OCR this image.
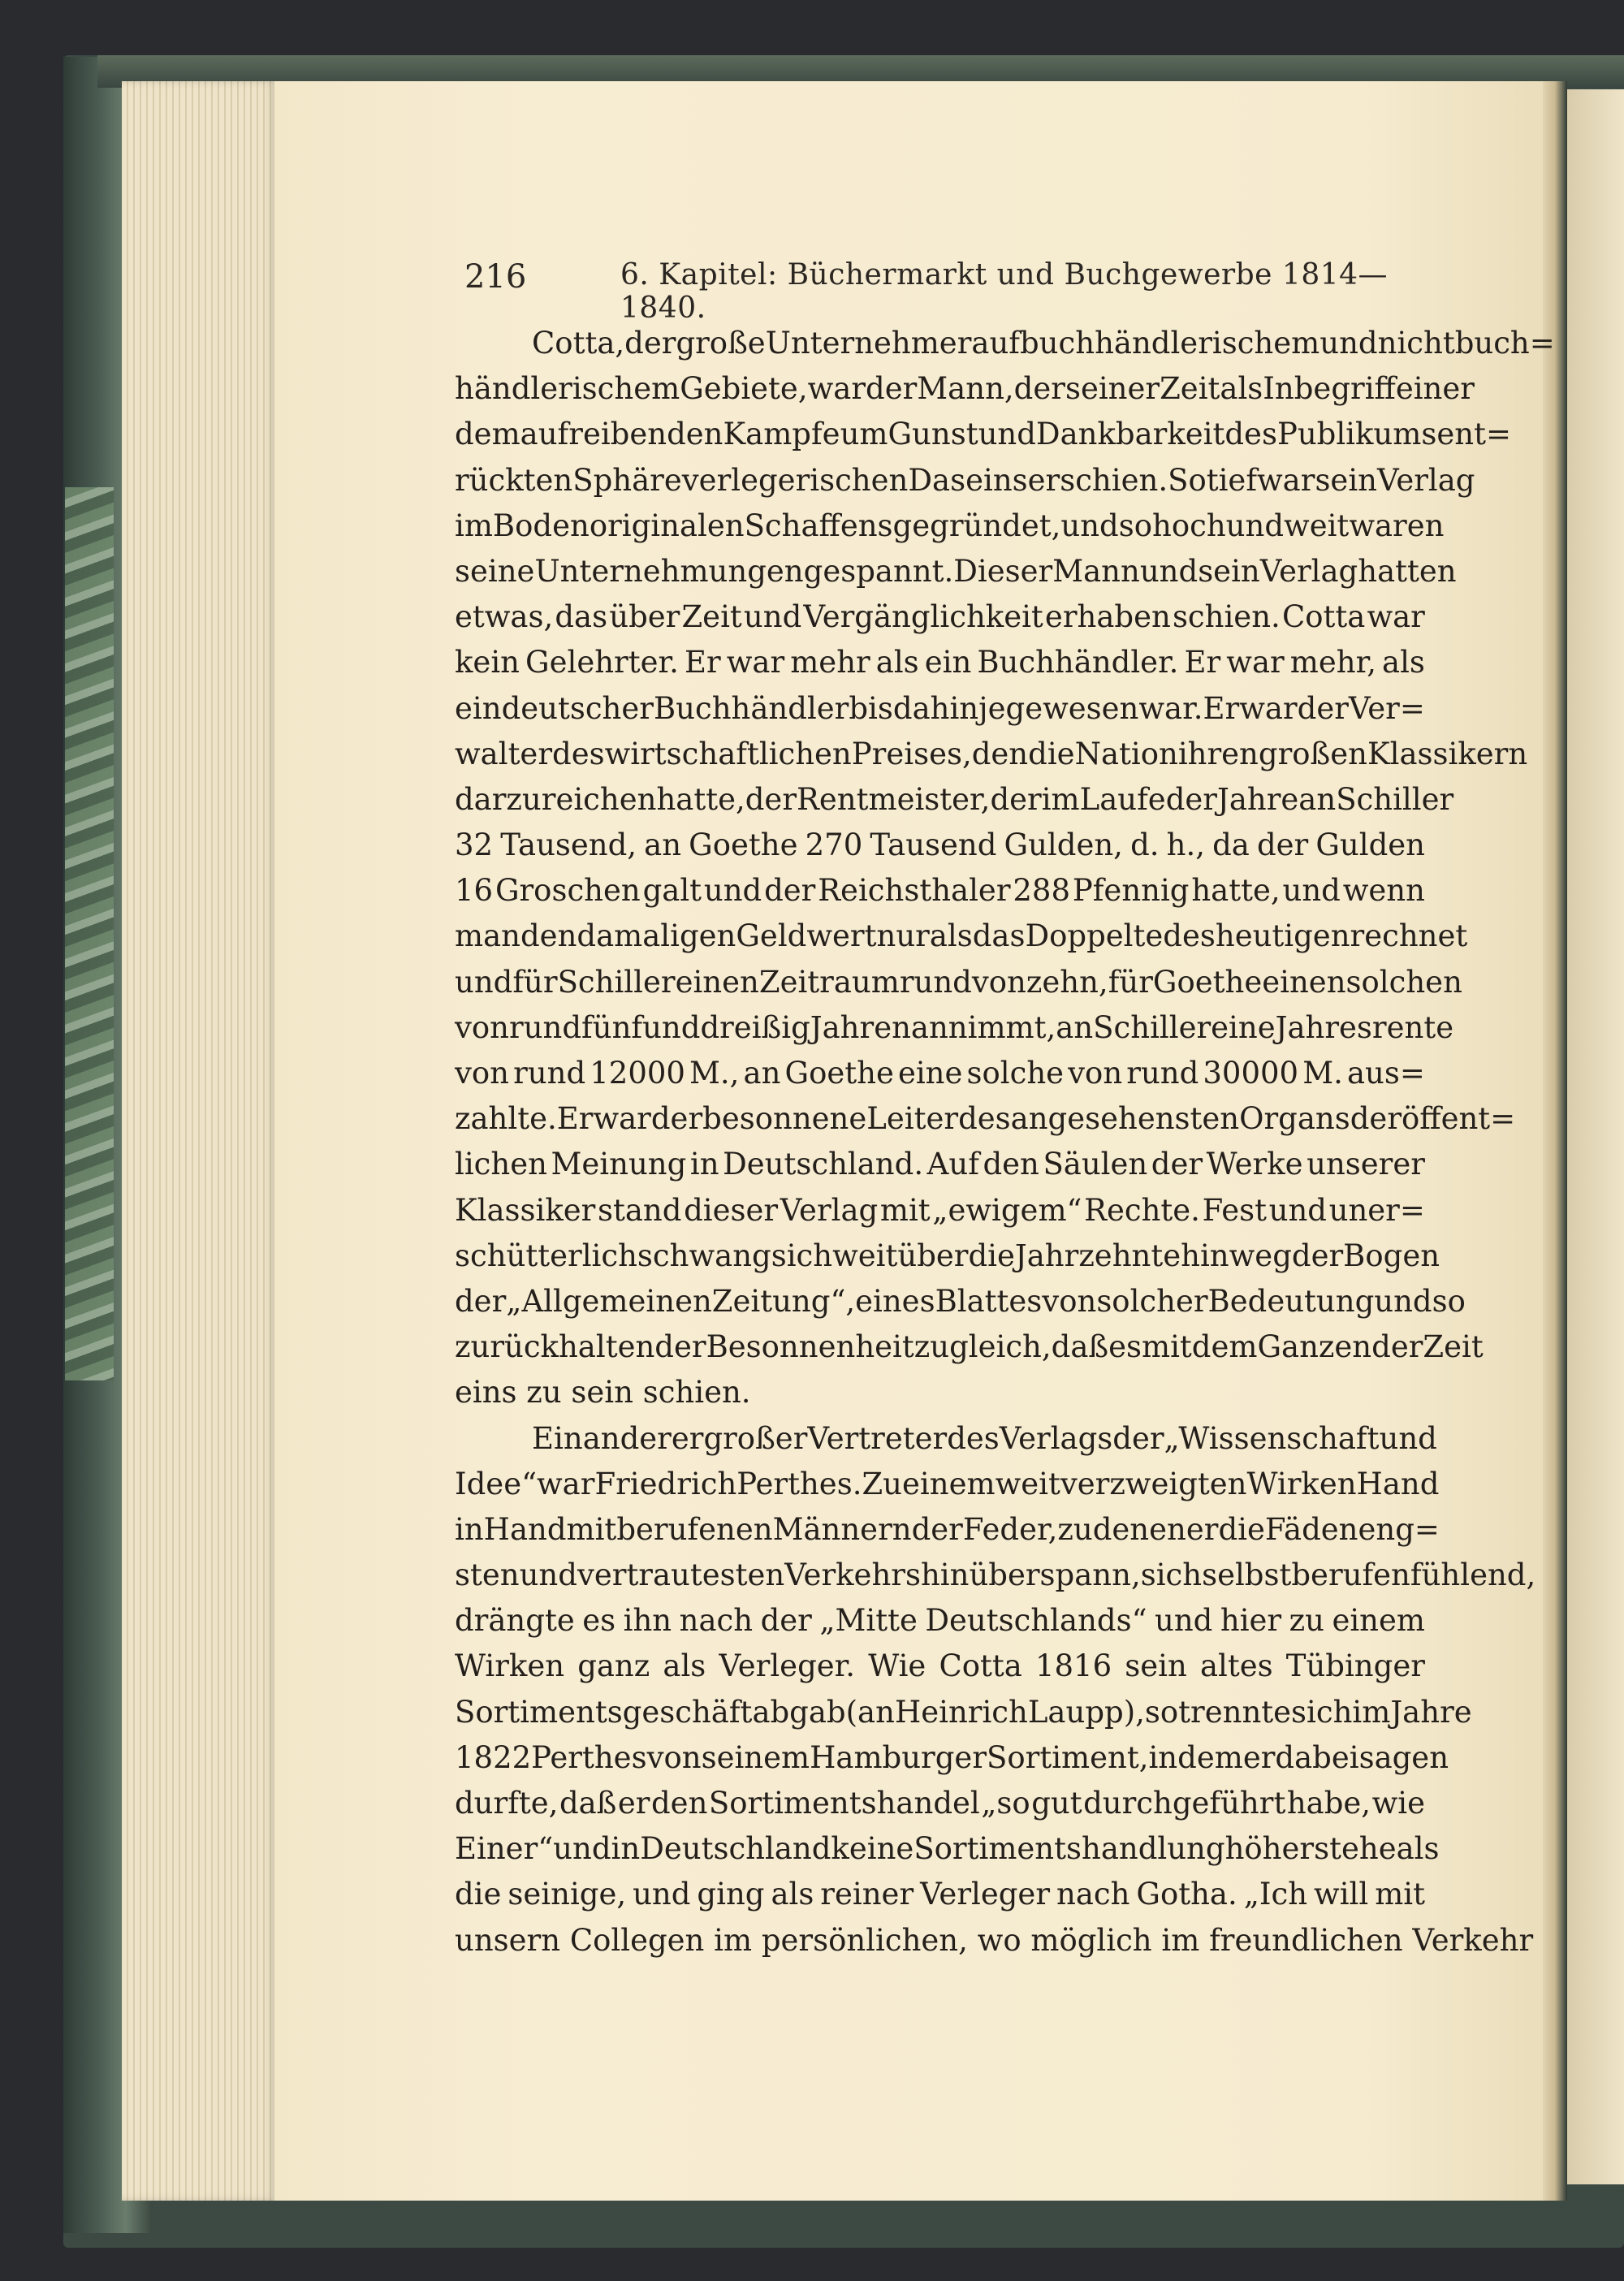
216	6. Kapitel: Büchermarkt und Buchgewerbe 1814—1840.
Cotta, der große Unternehmer auf buchhändlerischem und nichtbuch=
händlerischem Gebiete, war der Mann, der seiner Zeit als Inbegriff einer
dem aufreibenden Kampfe um Gunst und Dankbarkeit des Publikums ent=
rückten Sphäre verlegerischen Daseins erschien. So tief war sein Verlag
im Boden originalen Schaffens gegründet, und so hoch und weit waren
seine Unternehmungen gespannt. Dieser Mann und sein Verlag hatten
etwas, das über Zeit und Vergänglichkeit erhaben schien. Cotta war
kein Gelehrter. Er war mehr als ein Buchhändler. Er war mehr, als
ein deutscher Buchhändler bis dahin je gewesen war. Er war der Ver=
walter des wirtschaftlichen Preises, den die Nation ihren großen Klassikern
darzureichen hatte, der Rentmeister, der im Laufe der Jahre an Schiller
32 Tausend, an Goethe 270 Tausend Gulden, d. h., da der Gulden
16 Groschen galt und der Reichsthaler 288 Pfennig hatte, und wenn
man den damaligen Geldwert nur als das Doppelte des heutigen rechnet
und für Schiller einen Zeitraum rund von zehn, für Goethe einen solchen
von rund fünfunddreißig Jahren annimmt, an Schiller eine Jahresrente
von rund 12000 M., an Goethe eine solche von rund 30000 M. aus=
zahlte. Er war der besonnene Leiter des angesehensten Organs der öffent=
lichen Meinung in Deutschland. Auf den Säulen der Werke unserer
Klassiker stand dieser Verlag mit „ewigem“ Rechte. Fest und uner=
schütterlich schwang sich weit über die Jahrzehnte hinweg der Bogen
der „Allgemeinen Zeitung“, eines Blattes von solcher Bedeutung und so
zurückhaltender Besonnenheit zugleich, daß es mit dem Ganzen der Zeit
eins zu sein schien.
Ein anderer großer Vertreter des Verlags der „Wissenschaft und
Idee“ war Friedrich Perthes. Zu einem weitverzweigten Wirken Hand
in Hand mit berufenen Männern der Feder, zu denen er die Fäden eng=
sten und vertrautesten Verkehrs hinüberspann, sich selbst berufen fühlend,
drängte es ihn nach der „Mitte Deutschlands“ und hier zu einem
Wirken ganz als Verleger. Wie Cotta 1816 sein altes Tübinger
Sortimentsgeschäft abgab (an Heinrich Laupp), so trennte sich im Jahre
1822 Perthes von seinem Hamburger Sortiment, indem er dabei sagen
durfte, daß er den Sortimentshandel „so gut durchgeführt habe, wie
Einer“ und in Deutschland keine Sortimentshandlung höher stehe als
die seinige, und ging als reiner Verleger nach Gotha. „Ich will mit
unsern Collegen im persönlichen, wo möglich im freundlichen Verkehr
